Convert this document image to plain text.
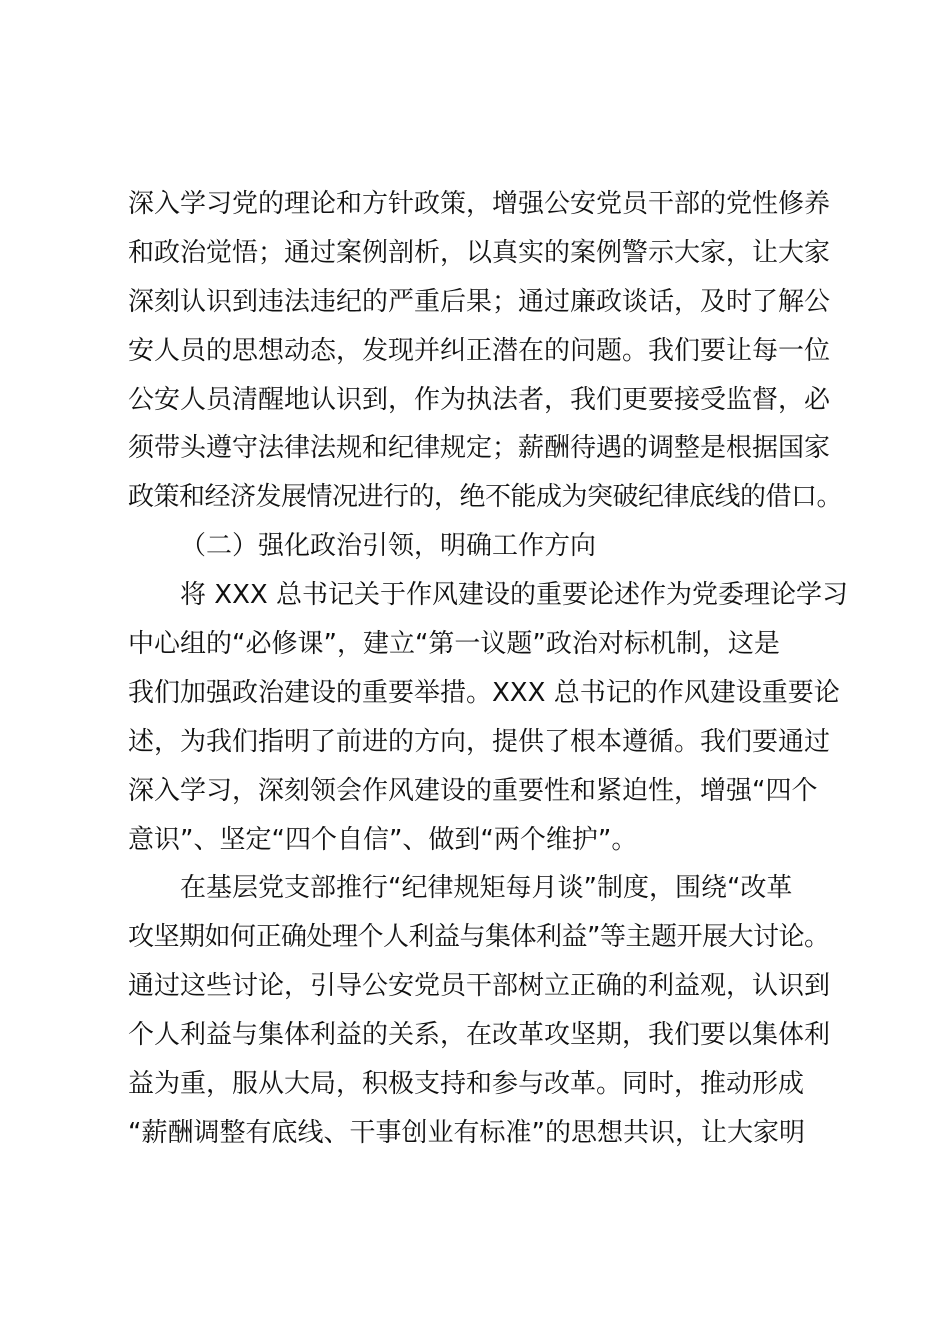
深入学习党的理论和方针政策，增强公安党员干部的党性修养
和政治觉悟；通过案例剖析，以真实的案例警示大家，让大家
深刻认识到违法违纪的严重后果；通过廉政谈话，及时了解公
安人员的思想动态，发现并纠正潜在的问题。我们要让每一位
公安人员清醒地认识到，作为执法者，我们更要接受监督，必
须带头遵守法律法规和纪律规定；薪酬待遇的调整是根据国家
政策和经济发展情况进行的，绝不能成为突破纪律底线的借口。
（二）强化政治引领，明确工作方向
将 XXX 总书记关于作风建设的重要论述作为党委理论学习
中心组的“必修课”，建立“第一议题”政治对标机制，这是
我们加强政治建设的重要举措。XXX 总书记的作风建设重要论
述，为我们指明了前进的方向，提供了根本遵循。我们要通过
深入学习，深刻领会作风建设的重要性和紧迫性，增强“四个
意识”、坚定“四个自信”、做到“两个维护”。
在基层党支部推行“纪律规矩每月谈”制度，围绕“改革
攻坚期如何正确处理个人利益与集体利益”等主题开展大讨论。
通过这些讨论，引导公安党员干部树立正确的利益观，认识到
个人利益与集体利益的关系，在改革攻坚期，我们要以集体利
益为重，服从大局，积极支持和参与改革。同时，推动形成
“薪酬调整有底线、干事创业有标准”的思想共识，让大家明
